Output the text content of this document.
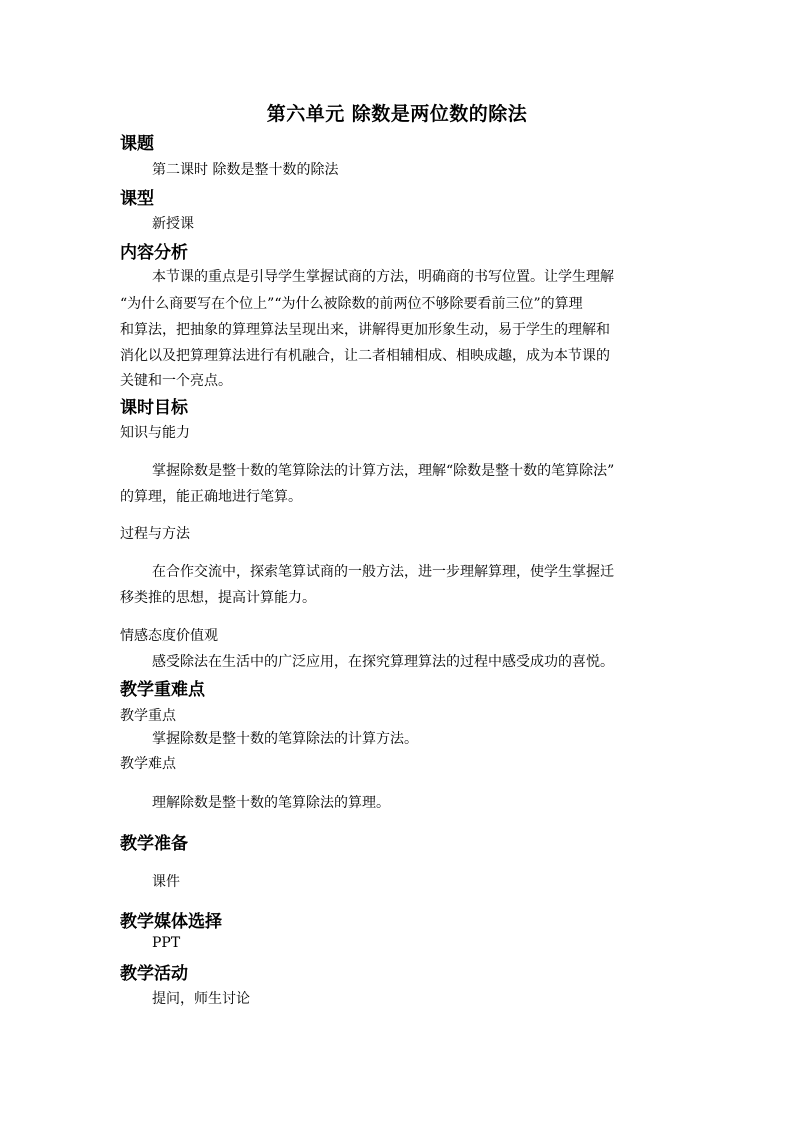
第六单元 除数是两位数的除法
课题
第二课时 除数是整十数的除法
课型
新授课
内容分析
本节课的重点是引导学生掌握试商的方法，明确商的书写位置。让学生理解
“为什么商要写在个位上”“为什么被除数的前两位不够除要看前三位”的算理
和算法，把抽象的算理算法呈现出来，讲解得更加形象生动，易于学生的理解和
消化以及把算理算法进行有机融合，让二者相辅相成、相映成趣，成为本节课的
关键和一个亮点。
课时目标
知识与能力
掌握除数是整十数的笔算除法的计算方法，理解“除数是整十数的笔算除法”
的算理，能正确地进行笔算。
过程与方法
在合作交流中，探索笔算试商的一般方法，进一步理解算理，使学生掌握迁
移类推的思想，提高计算能力。
情感态度价值观
感受除法在生活中的广泛应用，在探究算理算法的过程中感受成功的喜悦。
教学重难点
教学重点
掌握除数是整十数的笔算除法的计算方法。
教学难点
理解除数是整十数的笔算除法的算理。
教学准备
课件
教学媒体选择
PPT
教学活动
提问，师生讨论
